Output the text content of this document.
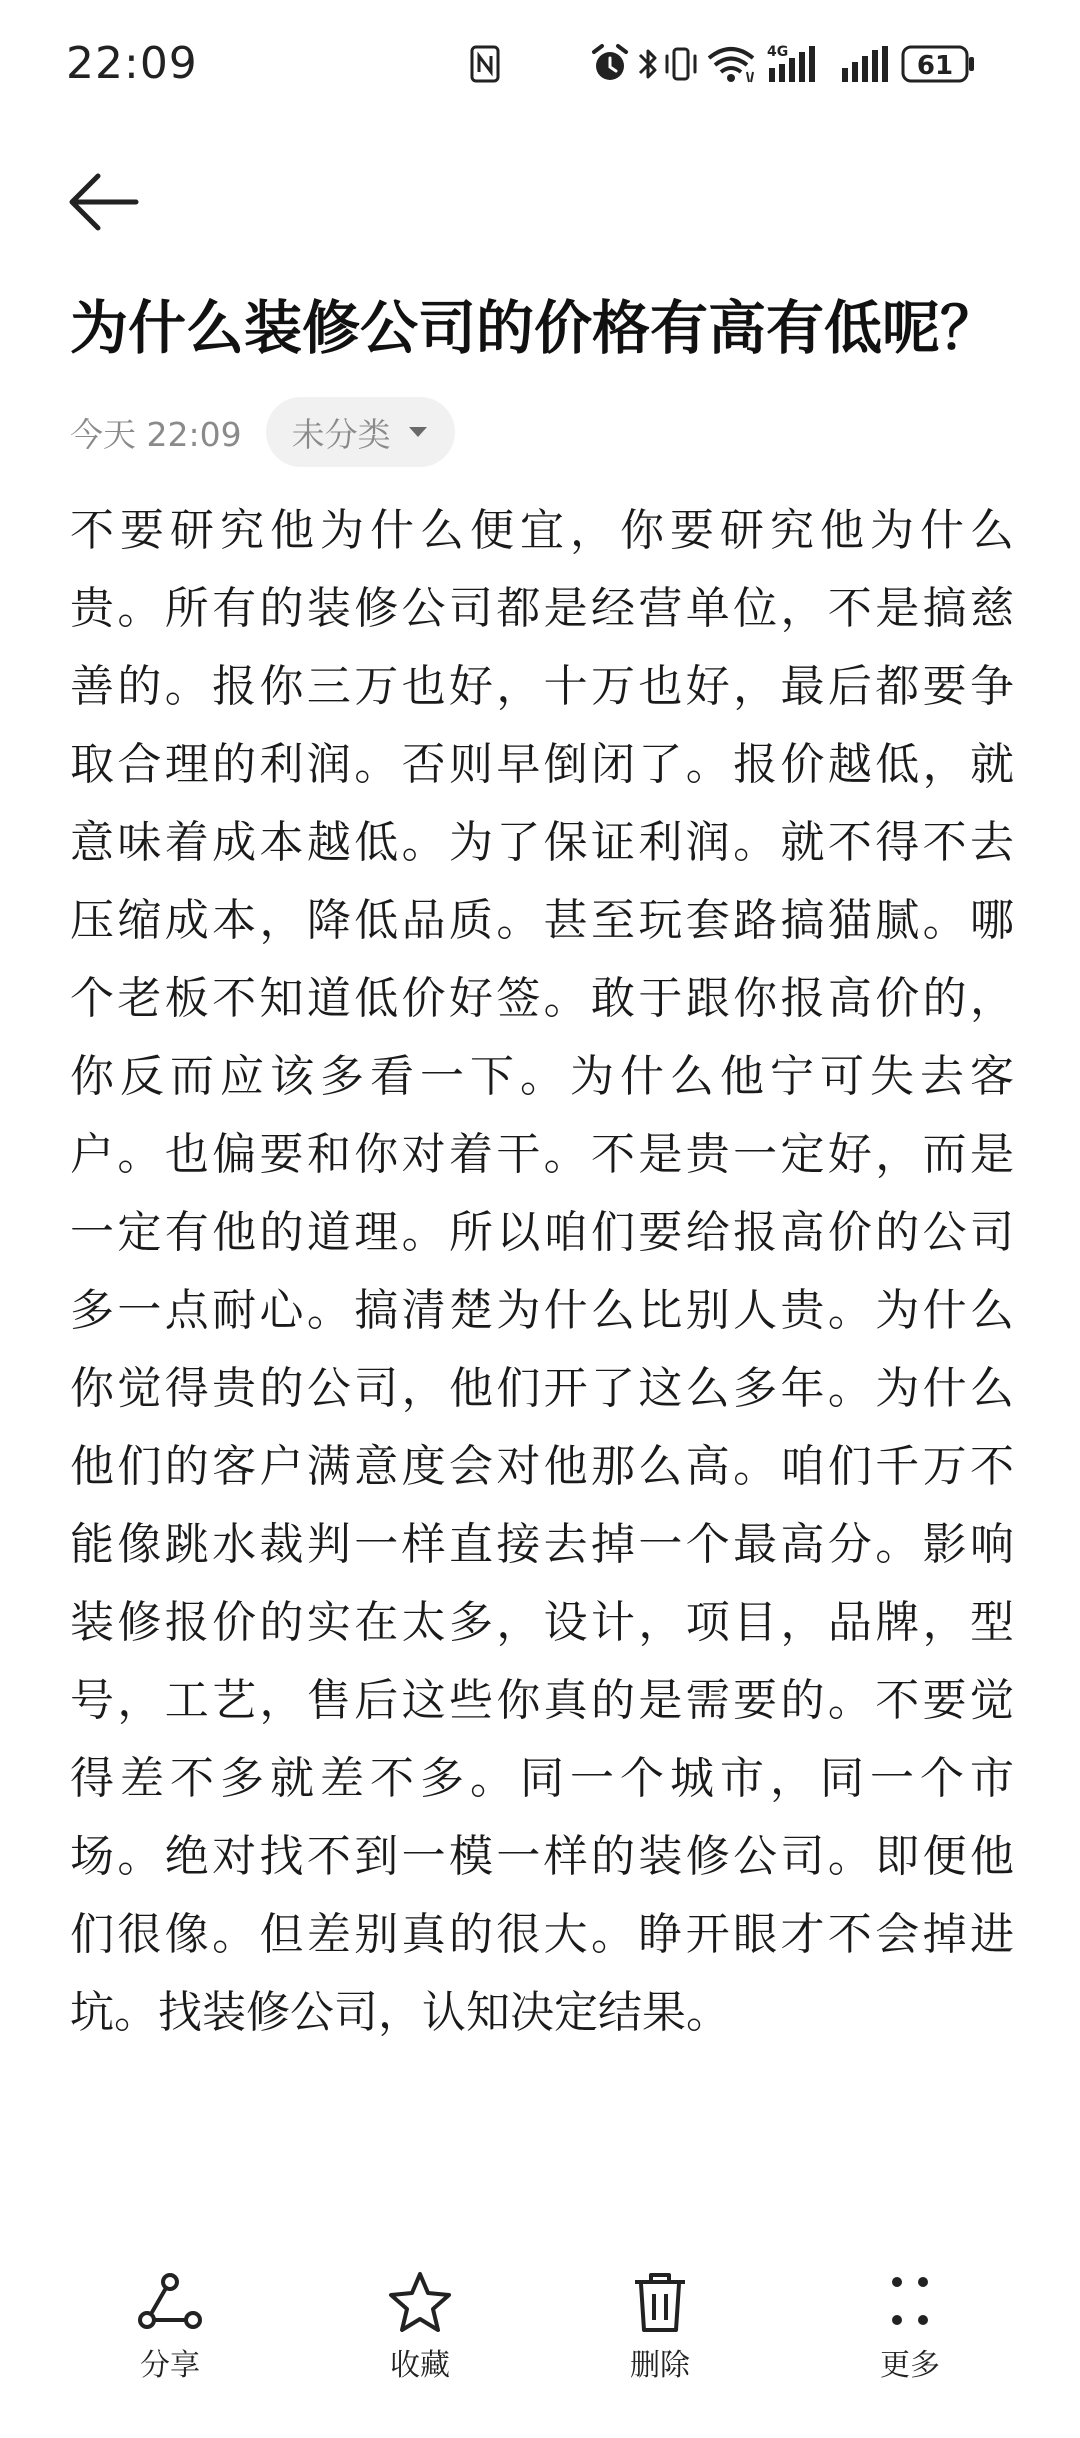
22:09	4G	61
为什么装修公司的价格有高有低呢？
今天 22:09 未分类
不要研究他为什么便宜，你要研究他为什么
贵。所有的装修公司都是经营单位，不是搞慈
善的。报你三万也好，十万也好，最后都要争
取合理的利润。否则早倒闭了。报价越低，就
意味着成本越低。为了保证利润。就不得不去
压缩成本，降低品质。甚至玩套路搞猫腻。哪
个老板不知道低价好签。敢于跟你报高价的，
你反而应该多看一下。为什么他宁可失去客
户。也偏要和你对着干。不是贵一定好，而是
一定有他的道理。所以咱们要给报高价的公司
多一点耐心。搞清楚为什么比别人贵。为什么
你觉得贵的公司，他们开了这么多年。为什么
他们的客户满意度会对他那么高。咱们千万不
能像跳水裁判一样直接去掉一个最高分。影响
装修报价的实在太多，设计，项目，品牌，型
号，工艺，售后这些你真的是需要的。不要觉
得差不多就差不多。同一个城市，同一个市
场。绝对找不到一模一样的装修公司。即便他
们很像。但差别真的很大。睁开眼才不会掉进
坑。找装修公司，认知决定结果。
分享	收藏	删除	更多
